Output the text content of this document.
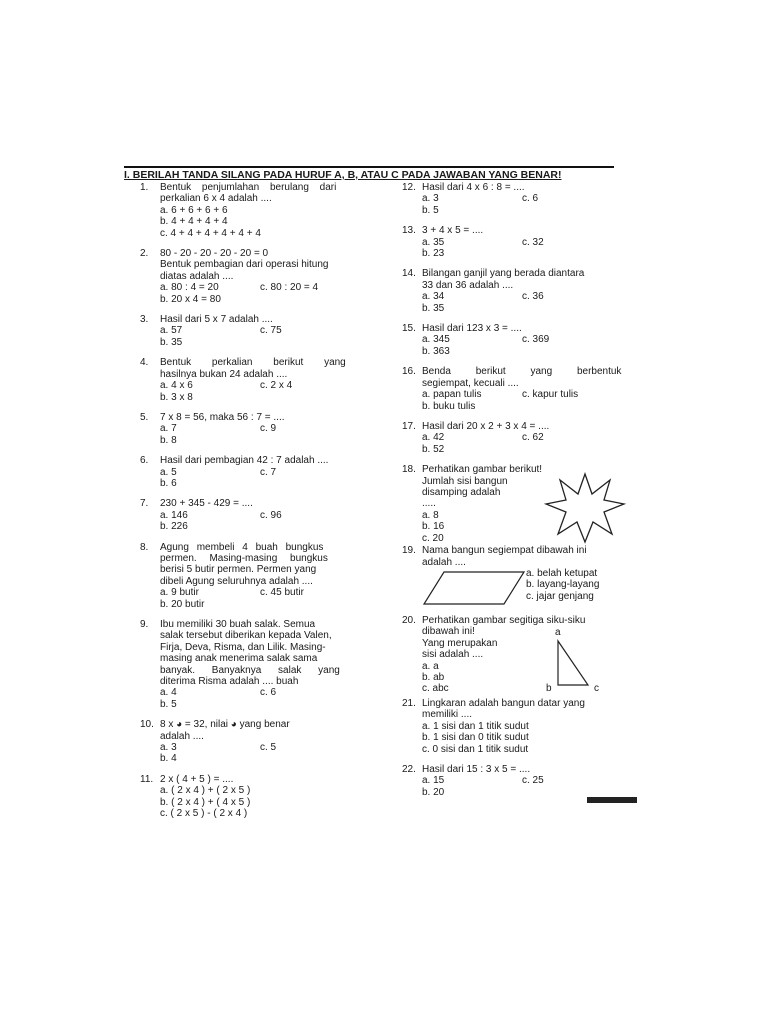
I. BERILAH TANDA SILANG PADA HURUF A, B, ATAU C PADA JAWABAN YANG BENAR!
1. Bentuk penjumlahan berulang dari
perkalian 6 x 4 adalah ....
a. 6 + 6 + 6 + 6
b. 4 + 4 + 4 + 4
c. 4 + 4 + 4 + 4 + 4 + 4
2. 80 - 20 - 20 - 20 - 20 = 0
Bentuk pembagian dari operasi hitung
diatas adalah ....
a. 80 : 4 = 20	c. 80 : 20 = 4
b. 20 x 4 = 80
3. Hasil dari 5 x 7 adalah ....
a. 57	c. 75
b. 35
4. Bentuk perkalian berikut yang
hasilnya bukan 24 adalah ....
a. 4 x 6	c. 2 x 4
b. 3 x 8
5. 7 x 8 = 56, maka 56 : 7 = ....
a. 7	c. 9
b. 8
6. Hasil dari pembagian 42 : 7 adalah ....
a. 5	c. 7
b. 6
7. 230 + 345 - 429 = ....
a. 146	c. 96
b. 226
8. Agung membeli 4 buah bungkus
permen. Masing-masing bungkus
berisi 5 butir permen. Permen yang
dibeli Agung seluruhnya adalah ....
a. 9 butir	c. 45 butir
b. 20 butir
9. Ibu memiliki 30 buah salak. Semua
salak tersebut diberikan kepada Valen,
Firja, Deva, Risma, dan Lilik. Masing-
masing anak menerima salak sama
banyak. Banyaknya salak yang
diterima Risma adalah .... buah
a. 4	c. 6
b. 5
10. 8 x ◕ = 32, nilai ◕ yang benar
adalah ....
a. 3	c. 5
b. 4
11. 2 x ( 4 + 5 ) = ....
a. ( 2 x 4 ) + ( 2 x 5 )
b. ( 2 x 4 ) + ( 4 x 5 )
c. ( 2 x 5 ) - ( 2 x 4 )
12. Hasil dari 4 x 6 : 8 = ....
a. 3	c. 6
b. 5
13. 3 + 4 x 5 = ....
a. 35	c. 32
b. 23
14. Bilangan ganjil yang berada diantara
33 dan 36 adalah ....
a. 34	c. 36
b. 35
15. Hasil dari 123 x 3 = ....
a. 345	c. 369
b. 363
16. Benda berikut yang berbentuk
segiempat, kecuali ....
a. papan tulis	c. kapur tulis
b. buku tulis
17. Hasil dari 20 x 2 + 3 x 4 = ....
a. 42	c. 62
b. 52
18. Perhatikan gambar berikut!
Jumlah sisi bangun
disamping adalah
.....
a. 8
b. 16
c. 20
19. Nama bangun segiempat dibawah ini
adalah ....
a. belah ketupat
b. layang-layang
c. jajar genjang
20. Perhatikan gambar segitiga siku-siku
dibawah ini!
Yang merupakan
sisi adalah ....
a. a
b. ab
c. abc
a
b	c
21. Lingkaran adalah bangun datar yang
memiliki ....
a. 1 sisi dan 1 titik sudut
b. 1 sisi dan 0 titik sudut
c. 0 sisi dan 1 titik sudut
22. Hasil dari 15 : 3 x 5 = ....
a. 15	c. 25
b. 20
